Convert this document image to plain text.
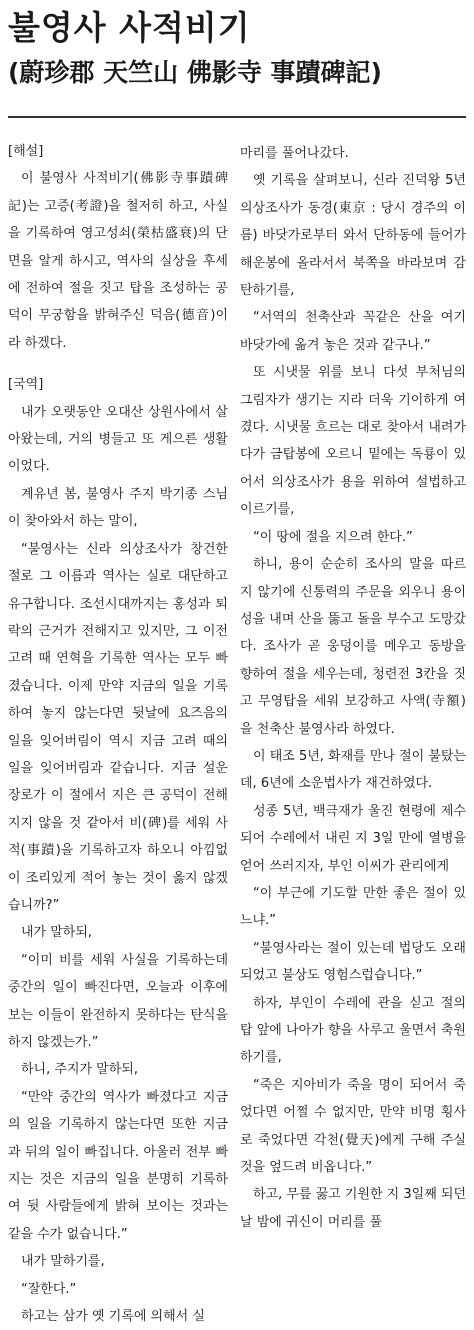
불영사 사적비기
(蔚珍郡 天竺山 佛影寺 事蹟碑記)

[해설]

이 불영사 사적비기(佛影寺事蹟碑記)는 고증(考證)을 철저히 하고, 사실을 기록하여 영고성쇠(榮枯盛衰)의 단면을 알게 하시고, 역사의 실상을 후세에 전하여 절을 짓고 탑을 조성하는 공덕이 무궁함을 밝혀주신 덕음(德音)이라 하겠다.

[국역]

내가 오랫동안 오대산 상원사에서 살아왔는데, 거의 병들고 또 게으른 생활이었다.

계유년 봄, 불영사 주지 박기종 스님이 찾아와서 하는 말이,

“불영사는 신라 의상조사가 창건한 절로 그 이름과 역사는 실로 대단하고 유구합니다. 조선시대까지는 홍성과 퇴락의 근거가 전해지고 있지만, 그 이전 고려 때 연혁을 기록한 역사는 모두 빠졌습니다. 이제 만약 지금의 일을 기록하여 놓지 않는다면 뒷날에 요즈음의 일을 잊어버림이 역시 지금 고려 때의 일을 잊어버림과 같습니다. 지금 설운장로가 이 절에서 지은 큰 공덕이 전해지지 않을 것 같아서 비(碑)를 세워 사적(事蹟)을 기록하고자 하오니 아낌없이 조리있게 적어 놓는 것이 옳지 않겠습니까?”

내가 말하되,

“이미 비를 세워 사실을 기록하는데 중간의 일이 빠진다면, 오늘과 이후에 보는 이들이 완전하지 못하다는 탄식을 하지 않겠는가.”

하니, 주지가 말하되,

“만약 중간의 역사가 빠졌다고 지금의 일을 기록하지 않는다면 또한 지금과 뒤의 일이 빠집니다. 아울러 전부 빠지는 것은 지금의 일을 분명히 기록하여 뒷 사람들에게 밝혀 보이는 것과는 같을 수가 없습니다.”

내가 말하기를,

“잘한다.”

하고는 삼가 옛 기록에 의해서 실

마리를 풀어나갔다.

옛 기록을 살펴보니, 신라 진덕왕 5년 의상조사가 동경(東京 : 당시 경주의 이름) 바닷가로부터 와서 단하동에 들어가 해운봉에 올라서서 북쪽을 바라보며 감탄하기를,

“서역의 천축산과 꼭같은 산을 여기 바닷가에 옮겨 놓은 것과 같구나.”

또 시냇물 위를 보니 다섯 부처님의 그림자가 생기는 지라 더욱 기이하게 여겼다. 시냇물 흐르는 대로 찾아서 내려가다가 금탑봉에 오르니 밑에는 독룡이 있어서 의상조사가 용을 위하여 설법하고 이르기를,

“이 땅에 절을 지으려 한다.”

하니, 용이 순순히 조사의 말을 따르지 않기에 신통력의 주문을 외우니 용이 성을 내며 산을 뚫고 돌을 부수고 도망갔다. 조사가 곧 웅덩이를 메우고 동방을 향하여 절을 세우는데, 청련전 3칸을 짓고 무영탑을 세워 보강하고 사액(寺額)을 천축산 불영사라 하였다.

이 태조 5년, 화재를 만나 절이 불탔는데, 6년에 소운법사가 재건하였다.

성종 5년, 백극재가 울진 현령에 제수되어 수레에서 내린 지 3일 만에 열병을 얻어 쓰러지자, 부인 이씨가 관리에게

“이 부근에 기도할 만한 좋은 절이 있느냐.”

“불영사라는 절이 있는데 법당도 오래 되었고 불상도 영험스럽습니다.”

하자, 부인이 수레에 관을 싣고 절의 탑 앞에 나아가 향을 사루고 울면서 축원하기를,

“죽은 지아비가 죽을 명이 되어서 죽었다면 어쩔 수 없지만, 만약 비명 횡사로 죽었다면 각천(覺天)에게 구해 주실 것을 엎드려 비옵니다.”

하고, 무릎 꿇고 기원한 지 3일째 되던 날 밤에 귀신이 머리를 풀
